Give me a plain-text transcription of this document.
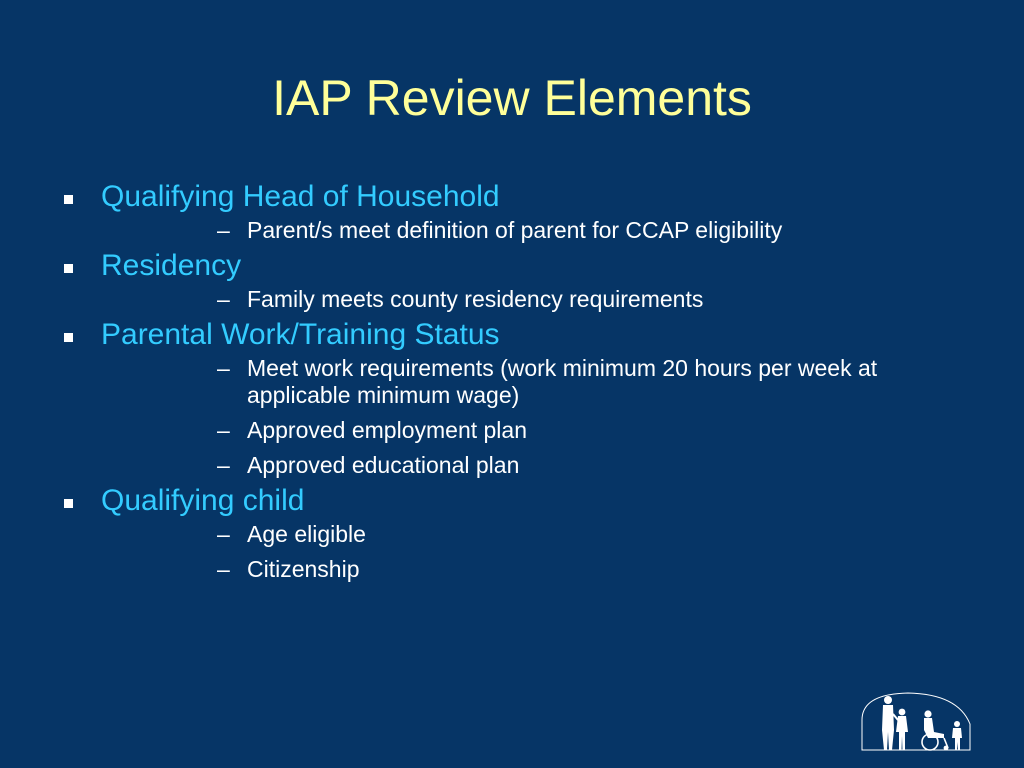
IAP Review Elements
Qualifying Head of Household
– Parent/s meet definition of parent for CCAP eligibility
Residency
– Family meets county residency requirements
Parental Work/Training Status
– Meet work requirements (work minimum 20 hours per week at applicable minimum wage)
– Approved employment plan
– Approved educational plan
Qualifying child
– Age eligible
– Citizenship
